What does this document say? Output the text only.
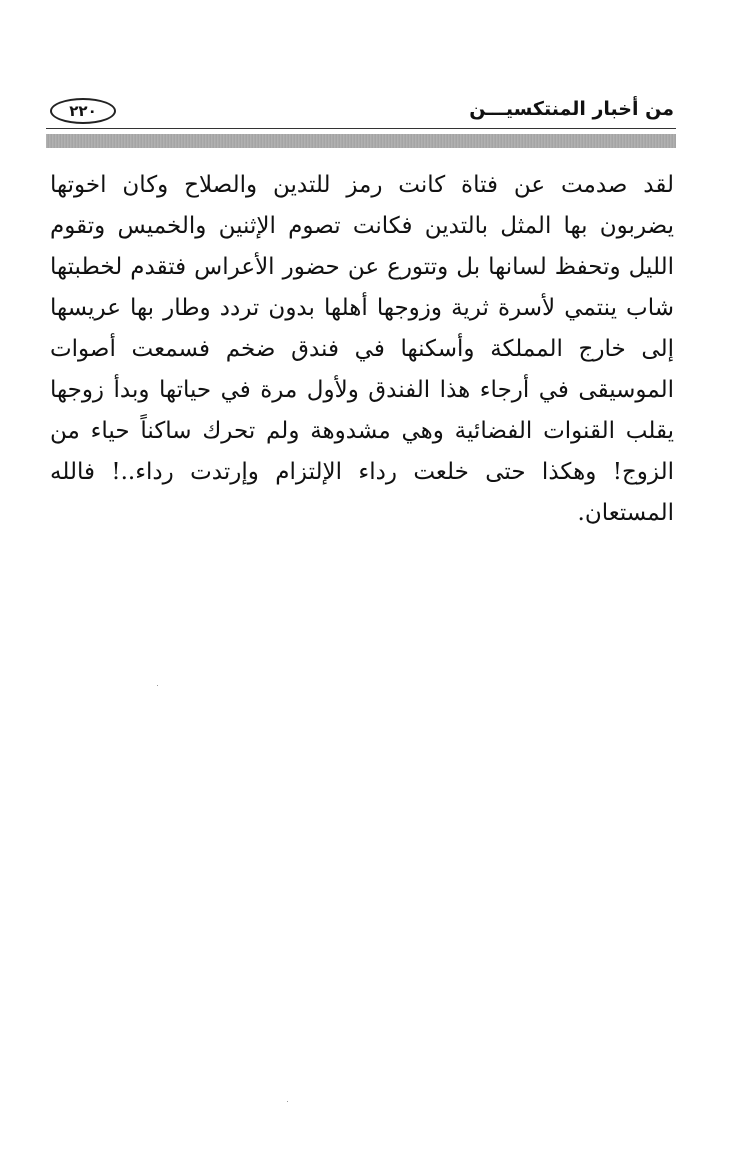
من أخبار المنتكسيـــن
٢٢٠
لقد صدمت عن فتاة كانت رمز للتدين والصلاح وكان اخوتها
يضربون بها المثل بالتدين فكانت تصوم الإثنين والخميس وتقوم
الليل وتحفظ لسانها بل وتتورع عن حضور الأعراس فتقدم لخطبتها
شاب ينتمي لأسرة ثرية وزوجها أهلها بدون تردد وطار بها عريسها
إلى خارج المملكة وأسكنها في فندق ضخم فسمعت أصوات
الموسيقى في أرجاء هذا الفندق ولأول مرة في حياتها وبدأ زوجها
يقلب القنوات الفضائية وهي مشدوهة ولم تحرك ساكناً حياء من
الزوج! وهكذا حتى خلعت رداء الإلتزام وإرتدت رداء..! فالله
المستعان.
